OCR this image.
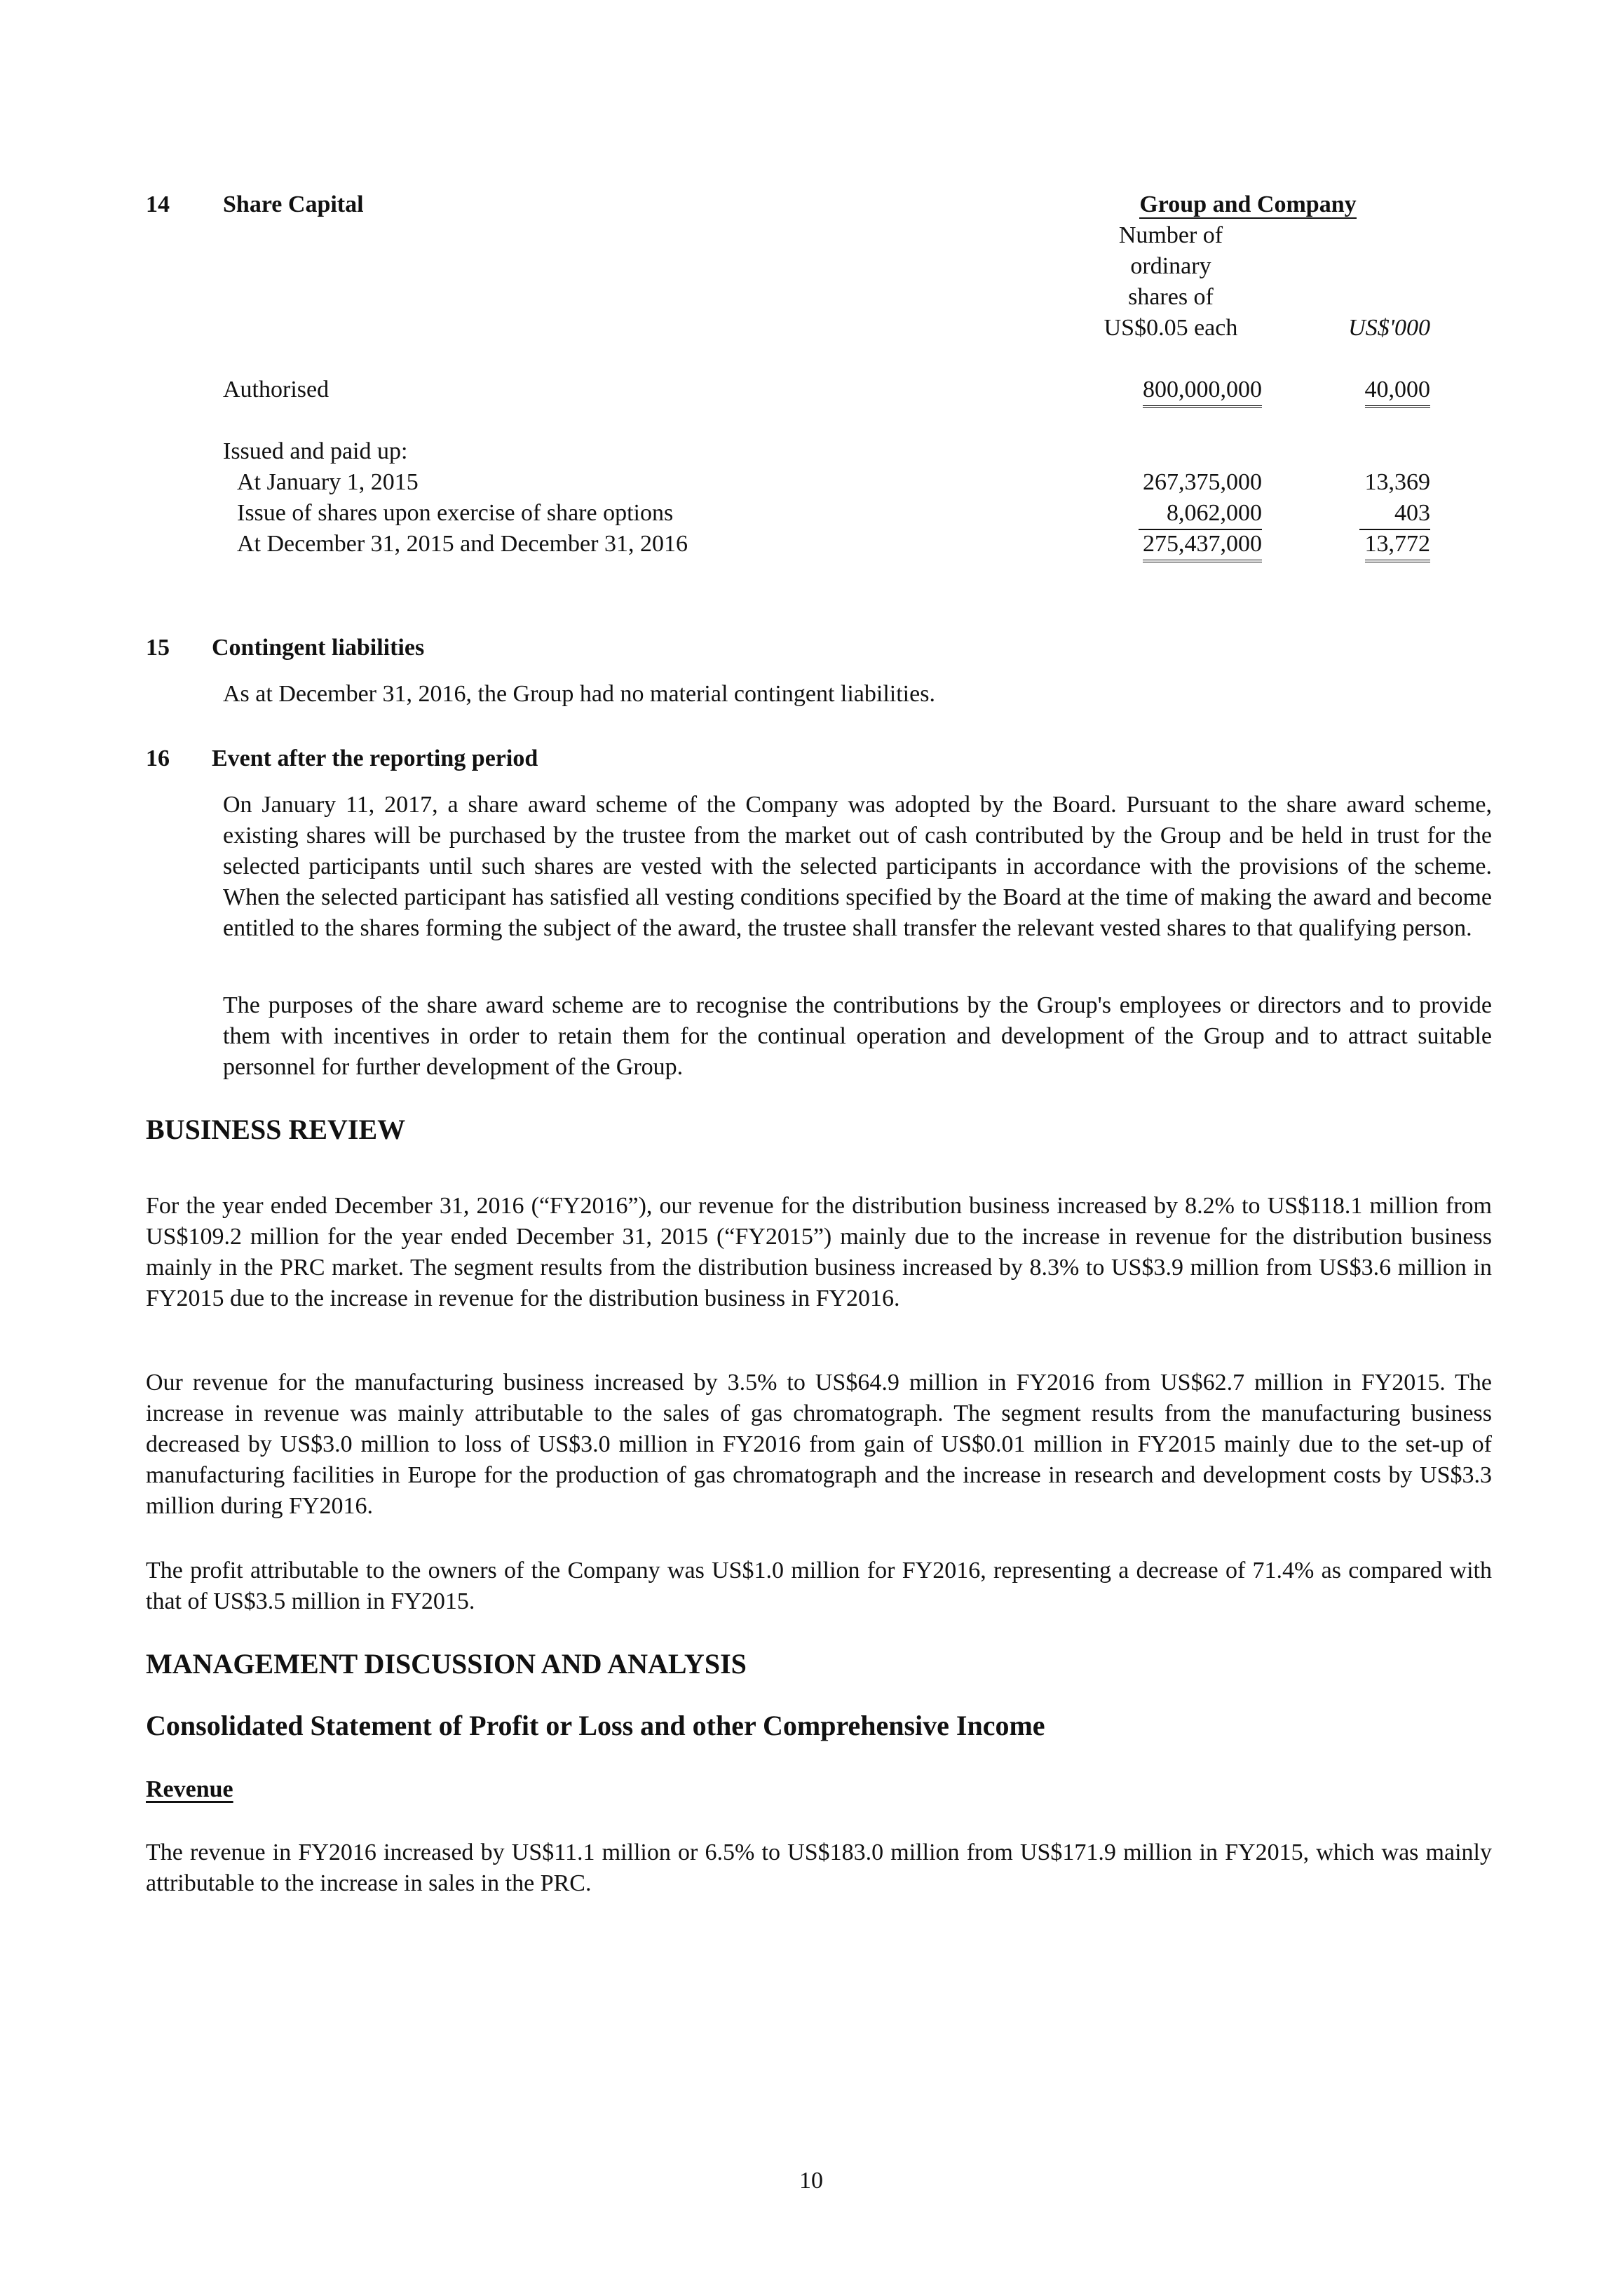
14 Share Capital	Group and Company
Number of
ordinary
shares of
US$0.05 each	US$'000
Authorised	800,000,000	40,000
Issued and paid up:
At January 1, 2015	267,375,000	13,369
Issue of shares upon exercise of share options	8,062,000	403
At December 31, 2015 and December 31, 2016	275,437,000	13,772
15 Contingent liabilities
As at December 31, 2016, the Group had no material contingent liabilities.
16 Event after the reporting period
On January 11, 2017, a share award scheme of the Company was adopted by the Board. Pursuant to the share award scheme, existing shares will be purchased by the trustee from the market out of cash contributed by the Group and be held in trust for the selected participants until such shares are vested with the selected participants in accordance with the provisions of the scheme. When the selected participant has satisfied all vesting conditions specified by the Board at the time of making the award and become entitled to the shares forming the subject of the award, the trustee shall transfer the relevant vested shares to that qualifying person.
The purposes of the share award scheme are to recognise the contributions by the Group's employees or directors and to provide them with incentives in order to retain them for the continual operation and development of the Group and to attract suitable personnel for further development of the Group.
BUSINESS REVIEW
For the year ended December 31, 2016 (“FY2016”), our revenue for the distribution business increased by 8.2% to US$118.1 million from US$109.2 million for the year ended December 31, 2015 (“FY2015”) mainly due to the increase in revenue for the distribution business mainly in the PRC market. The segment results from the distribution business increased by 8.3% to US$3.9 million from US$3.6 million in FY2015 due to the increase in revenue for the distribution business in FY2016.
Our revenue for the manufacturing business increased by 3.5% to US$64.9 million in FY2016 from US$62.7 million in FY2015. The increase in revenue was mainly attributable to the sales of gas chromatograph. The segment results from the manufacturing business decreased by US$3.0 million to loss of US$3.0 million in FY2016 from gain of US$0.01 million in FY2015 mainly due to the set-up of manufacturing facilities in Europe for the production of gas chromatograph and the increase in research and development costs by US$3.3 million during FY2016.
The profit attributable to the owners of the Company was US$1.0 million for FY2016, representing a decrease of 71.4% as compared with that of US$3.5 million in FY2015.
MANAGEMENT DISCUSSION AND ANALYSIS
Consolidated Statement of Profit or Loss and other Comprehensive Income
Revenue
The revenue in FY2016 increased by US$11.1 million or 6.5% to US$183.0 million from US$171.9 million in FY2015, which was mainly attributable to the increase in sales in the PRC.
10
